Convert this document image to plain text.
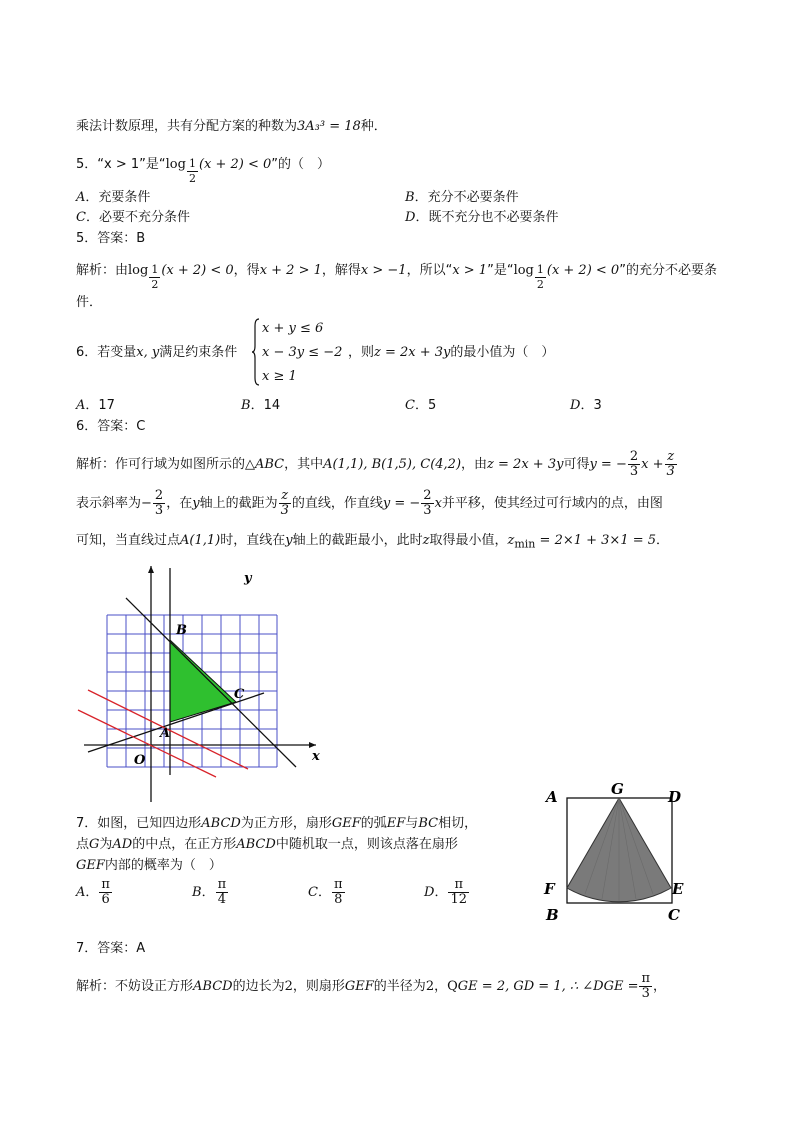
乘法计数原理，共有分配方案的种数为3A₃³ = 18种．
5．“x > 1”是“$\log \frac{1}{2} (x + 2) < 0$”的（　）
A．充要条件	B．充分不必要条件
C．必要不充分条件	D．既不充分也不必要条件
5．答案：B
解析：由$\log \frac{1}{2} (x + 2) < 0$，得x + 2 > 1，解得x > −1，所以“x > 1”是“$\log \frac{1}{2} (x + 2) < 0$”的充分不必要条
件．
6．若变量x, y满足约束条件
x + y ≤ 6
x − 3y ≤ −2
x ≥ 1
，则z = 2x + 3y的最小值为（　）
A．17	B．14	C．5	D．3
6．答案：C
解析：作可行域为如图所示的△ABC，其中A(1,1), B(1,5), C(4,2)，由z = 2x + 3y可得y = − $\frac{2}{3}$ $x + \frac{z}{3}$
表示斜率为− $\frac{2}{3}$ ，在y轴上的截距为 $\frac{z}{3}$ 的直线，作直线y = − $\frac{2}{3}$ x并平移，使其经过可行域内的点，由图
可知，当直线过点A(1,1)时，直线在y轴上的截距最小，此时z取得最小值，$z_{min} = 2\times 1 + 3\times 1 = 5$．
y
x
O
A
B
C
7．如图，已知四边形ABCD为正方形，扇形GEF的弧EF与BC相切，
点G为AD的中点，在正方形ABCD中随机取一点，则该点落在扇形
GEF内部的概率为（　）
A． $\frac{\pi}{6}$	B． $\frac{\pi}{4}$	C． $\frac{\pi}{8}$	D． $\frac{\pi}{12}$
A	G	D
F	E
B	C
7．答案：A
解析：不妨设正方形ABCD的边长为2，则扇形GEF的半径为2，QGE = 2, GD = 1, ∴ ∠DGE = $\frac{\pi}{3}$ ，
